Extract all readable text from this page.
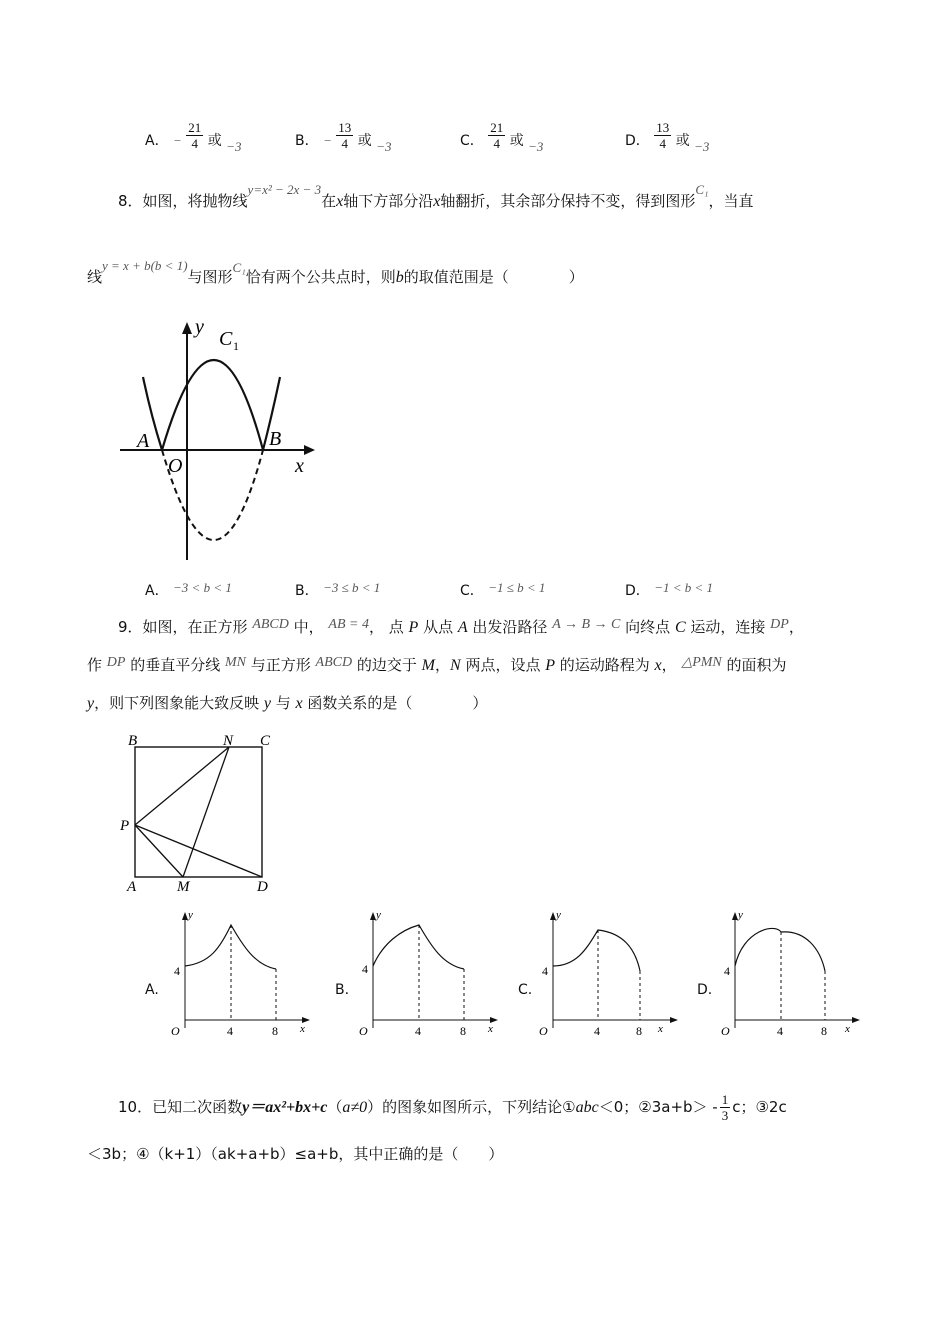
A． − $\frac{21}{4}$ 或 −3	B． − $\frac{13}{4}$ 或 −3	C． $\frac{21}{4}$ 或 −3	D． $\frac{13}{4}$ 或 −3
8．如图，将抛物线y=x² − 2x − 3在x轴下方部分沿x轴翻折，其余部分保持不变，得到图形C₁，当直
线y = x + b(b < 1)与图形C₁恰有两个公共点时，则b的取值范围是（　　　　）
y
C 1
A	B
O	x
A． −3 < b < 1	B． −3 ≤ b < 1	C． −1 ≤ b < 1	D． −1 < b < 1
9．如图，在正方形 ABCD 中， AB = 4， 点 P 从点 A 出发沿路径 A → B → C 向终点 C 运动，连接 DP，
作 DP 的垂直平分线 MN 与正方形 ABCD 的边交于 M，N 两点，设点 P 的运动路程为 x， △PMN 的面积为
y，则下列图象能大致反映 y 与 x 函数关系的是（　　　　）
B	N C
P
A	M	D
A.
y
x
O
4
4	8
B.
y
x
O
4
4	8
C.
y
x
O
4
4	8
D.
y
x
O
4
4	8
10．已知二次函数y＝ax²+bx+c（a≠0）的图象如图所示，下列结论①abc＜0；②3a+b＞ - $\frac{1}{3}$ c；③2c
＜3b；④（k+1）（ak+a+b）≤a+b，其中正确的是（　　）
